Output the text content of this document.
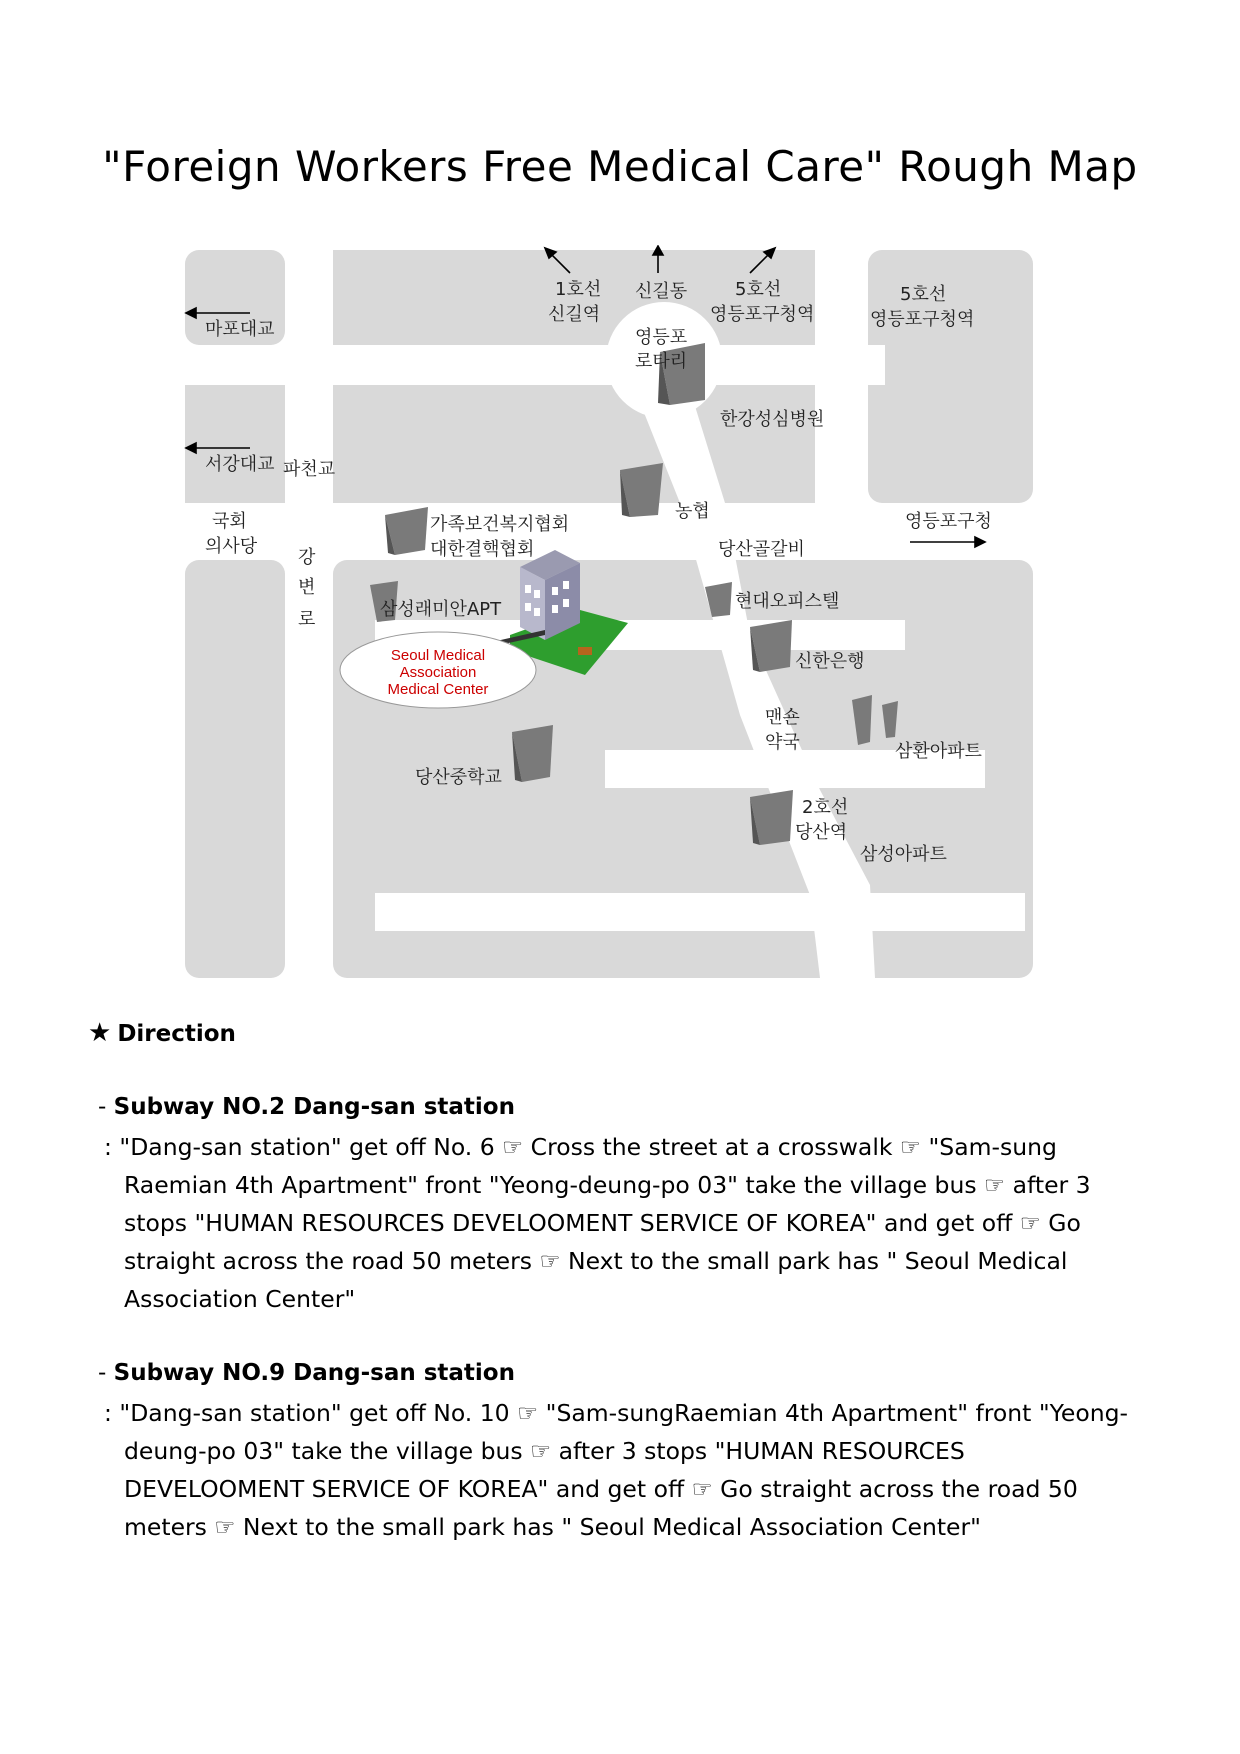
"Foreign Workers Free Medical Care" Rough Map
Seoul Medical
Association
Medical Center
1호선
신길역
신길동	5호선
영등포구청역
5호선
영등포구청역
영등포
로타리
마포대교
한강성심병원
서강대교 파천교
영등포구청
국회
의사당
농협
가족보건복지협회
대한결핵협회
강
변
로	삼성래미안APT
당산골갈비
현대오피스텔
신한은행
맨숀
약국	삼환아파트
당산중학교
2호선
당산역
삼성아파트
★ Direction
- Subway NO.2 Dang-san station
: "Dang-san station" get off No. 6 ☞ Cross the street at a crosswalk ☞ "Sam-sung Raemian 4th Apartment" front "Yeong-deung-po 03" take the village bus ☞ after 3 stops "HUMAN RESOURCES DEVELOOMENT SERVICE OF KOREA" and get off ☞ Go straight across the road 50 meters ☞ Next to the small park has " Seoul Medical Association Center"
- Subway NO.9 Dang-san station
: "Dang-san station" get off No. 10 ☞ "Sam-sungRaemian 4th Apartment" front "Yeong-deung-po 03" take the village bus ☞ after 3 stops "HUMAN RESOURCES DEVELOOMENT SERVICE OF KOREA" and get off ☞ Go straight across the road 50 meters ☞ Next to the small park has " Seoul Medical Association Center"
